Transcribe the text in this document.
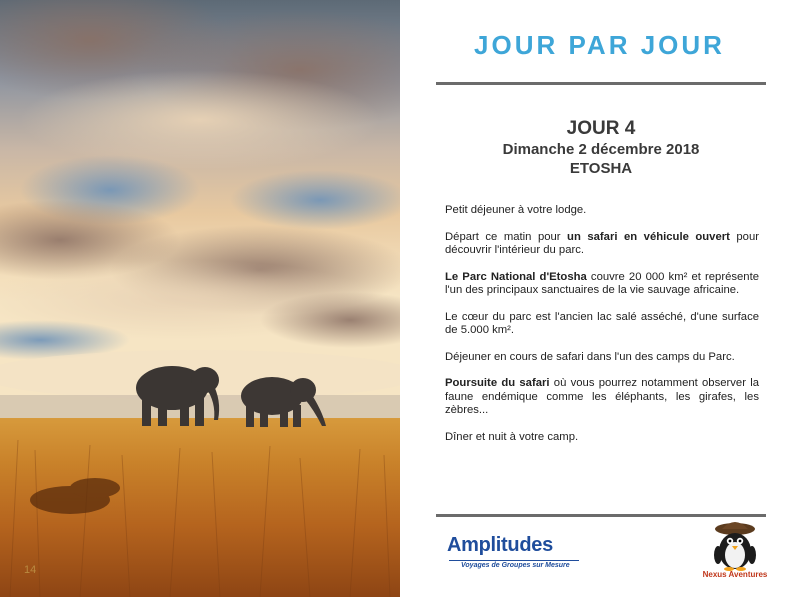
14
JOUR PAR JOUR
JOUR 4
Dimanche 2 décembre 2018
ETOSHA

Petit déjeuner à votre lodge.

Départ ce matin pour un safari en véhicule ouvert pour découvrir l'intérieur du parc.

Le Parc National d'Etosha couvre 20 000 km² et représente l'un des principaux sanctuaires de la vie sauvage africaine.

Le cœur du parc est l'ancien lac salé asséché, d'une surface de 5.000 km².

Déjeuner en cours de safari dans l'un des camps du Parc.

Poursuite du safari où vous pourrez notamment observer la faune endémique comme les éléphants, les girafes, les zèbres...

Dîner et nuit à votre camp.

Amplitudes
Voyages de Groupes sur Mesure
Nexus Aventures
